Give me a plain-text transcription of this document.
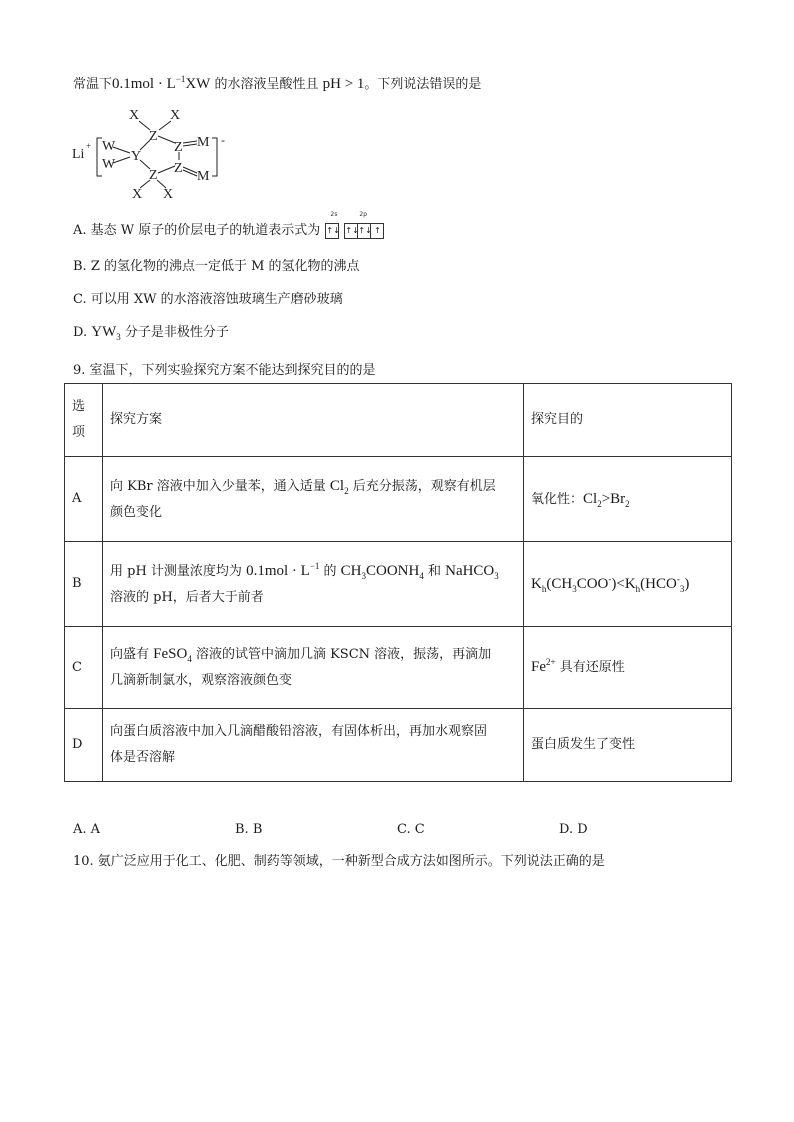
常温下$0.1mol \cdot L^{-1}XW$ 的水溶液呈酸性且 pH > 1。下列说法错误的是
Li
+	-
W
W
Y
Z
Z
Z
Z
M
M
X X
X X
A. 基态 W 原子的价层电子的轨道表示式为
2s
↑↓
2p
↑↓ ↑↓ ↑
B. Z 的氢化物的沸点一定低于 M 的氢化物的沸点
C. 可以用 XW 的水溶液溶蚀玻璃生产磨砂玻璃
D. $YW_3$ 分子是非极性分子
9. 室温下，下列实验探究方案不能达到探究目的的是
选
项	探究方案	探究目的
A	向 KBr 溶液中加入少量苯，通入适量 $Cl_2$ 后充分振荡，观察有机层
颜色变化	氧化性：$Cl_2>Br_2$
B	用 pH 计测量浓度均为 $0.1mol \cdot L^{-1}$ 的 $CH_3COONH_4$ 和 NaHCO$_3$
溶液的 pH，后者大于前者	$K_h(CH_3COO^-)<K_h(HCO^-_3)$
C	向盛有 FeSO$_4$ 溶液的试管中滴加几滴 KSCN 溶液，振荡，再滴加
几滴新制氯水，观察溶液颜色变	$Fe^{2+}$ 具有还原性
D	向蛋白质溶液中加入几滴醋酸铅溶液，有固体析出，再加水观察固
体是否溶解	蛋白质发生了变性
A. A	B. B	C. C	D. D
10. 氨广泛应用于化工、化肥、制药等领域，一种新型合成方法如图所示。下列说法正确的是
